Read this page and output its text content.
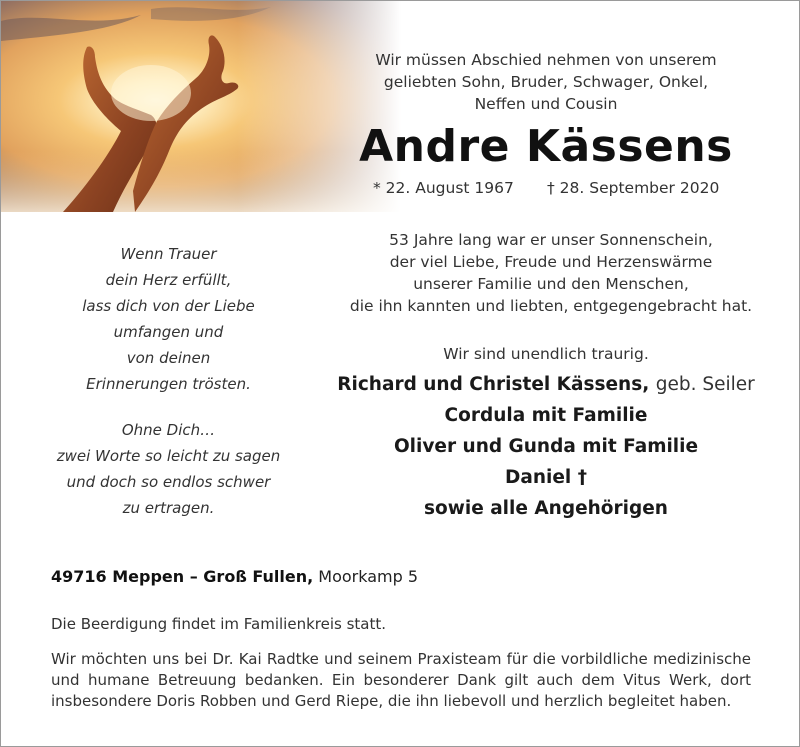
Wir müssen Abschied nehmen von unserem
geliebten Sohn, Bruder, Schwager, Onkel,
Neffen und Cousin
Andre Kässens
* 22. August 1967 † 28. September 2020
53 Jahre lang war er unser Sonnenschein,
der viel Liebe, Freude und Herzenswärme
unserer Familie und den Menschen,
die ihn kannten und liebten, entgegengebracht hat.
Wenn Trauer
dein Herz erfüllt,
lass dich von der Liebe
umfangen und
von deinen
Erinnerungen trösten.
Ohne Dich…
zwei Worte so leicht zu sagen
und doch so endlos schwer
zu ertragen.
Wir sind unendlich traurig.
Richard und Christel Kässens, geb. Seiler
Cordula mit Familie
Oliver und Gunda mit Familie
Daniel †
sowie alle Angehörigen
49716 Meppen – Groß Fullen, Moorkamp 5
Die Beerdigung findet im Familienkreis statt.
Wir möchten uns bei Dr. Kai Radtke und seinem Praxisteam für die vorbildliche medizinische
und humane Betreuung bedanken. Ein besonderer Dank gilt auch dem Vitus Werk, dort
insbesondere Doris Robben und Gerd Riepe, die ihn liebevoll und herzlich begleitet haben.
